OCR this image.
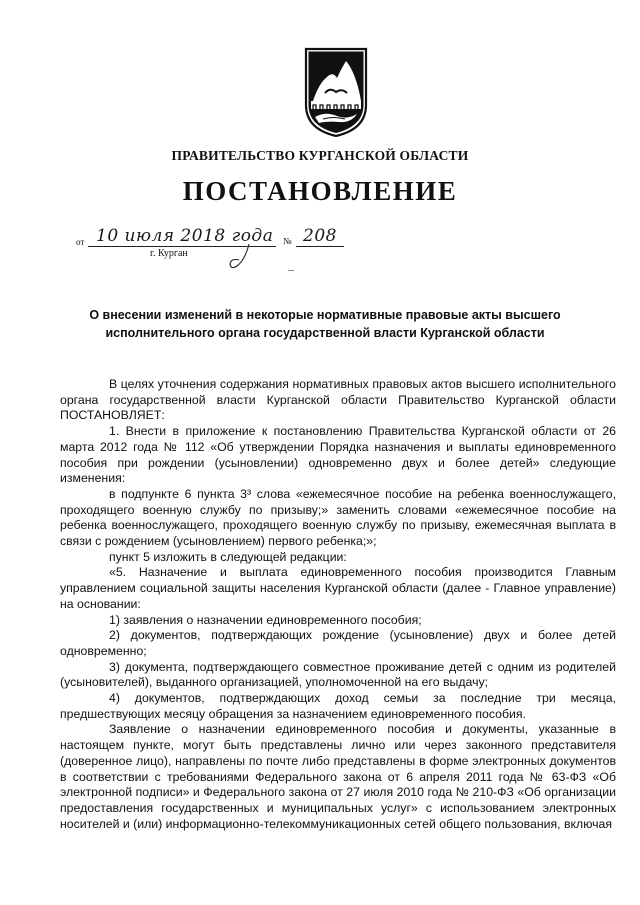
ПРАВИТЕЛЬСТВО КУРГАНСКОЙ ОБЛАСТИ
ПОСТАНОВЛЕНИЕ
от 10 июля 2018 года № 208
г. Курган
О внесении изменений в некоторые нормативные правовые акты высшего исполнительного органа государственной власти Курганской области

В целях уточнения содержания нормативных правовых актов высшего исполнительного органа государственной власти Курганской области Правительство Курганской области ПОСТАНОВЛЯЕТ:

1. Внести в приложение к постановлению Правительства Курганской области от 26 марта 2012 года № 112 «Об утверждении Порядка назначения и выплаты единовременного пособия при рождении (усыновлении) одновременно двух и более детей» следующие изменения:

в подпункте 6 пункта 3³ слова «ежемесячное пособие на ребенка военнослужащего, проходящего военную службу по призыву;» заменить словами «ежемесячное пособие на ребенка военнослужащего, проходящего военную службу по призыву, ежемесячная выплата в связи с рождением (усыновлением) первого ребенка;»;

пункт 5 изложить в следующей редакции:

«5. Назначение и выплата единовременного пособия производится Главным управлением социальной защиты населения Курганской области (далее - Главное управление) на основании:

1) заявления о назначении единовременного пособия;

2) документов, подтверждающих рождение (усыновление) двух и более детей одновременно;

3) документа, подтверждающего совместное проживание детей с одним из родителей (усыновителей), выданного организацией, уполномоченной на его выдачу;

4) документов, подтверждающих доход семьи за последние три месяца, предшествующих месяцу обращения за назначением единовременного пособия.

Заявление о назначении единовременного пособия и документы, указанные в настоящем пункте, могут быть представлены лично или через законного представителя (доверенное лицо), направлены по почте либо представлены в форме электронных документов в соответствии с требованиями Федерального закона от 6 апреля 2011 года № 63-ФЗ «Об электронной подписи» и Федерального закона от 27 июля 2010 года № 210-ФЗ «Об организации предоставления государственных и муниципальных услуг» с использованием электронных носителей и (или) информационно-телекоммуникационных сетей общего пользования, включая
